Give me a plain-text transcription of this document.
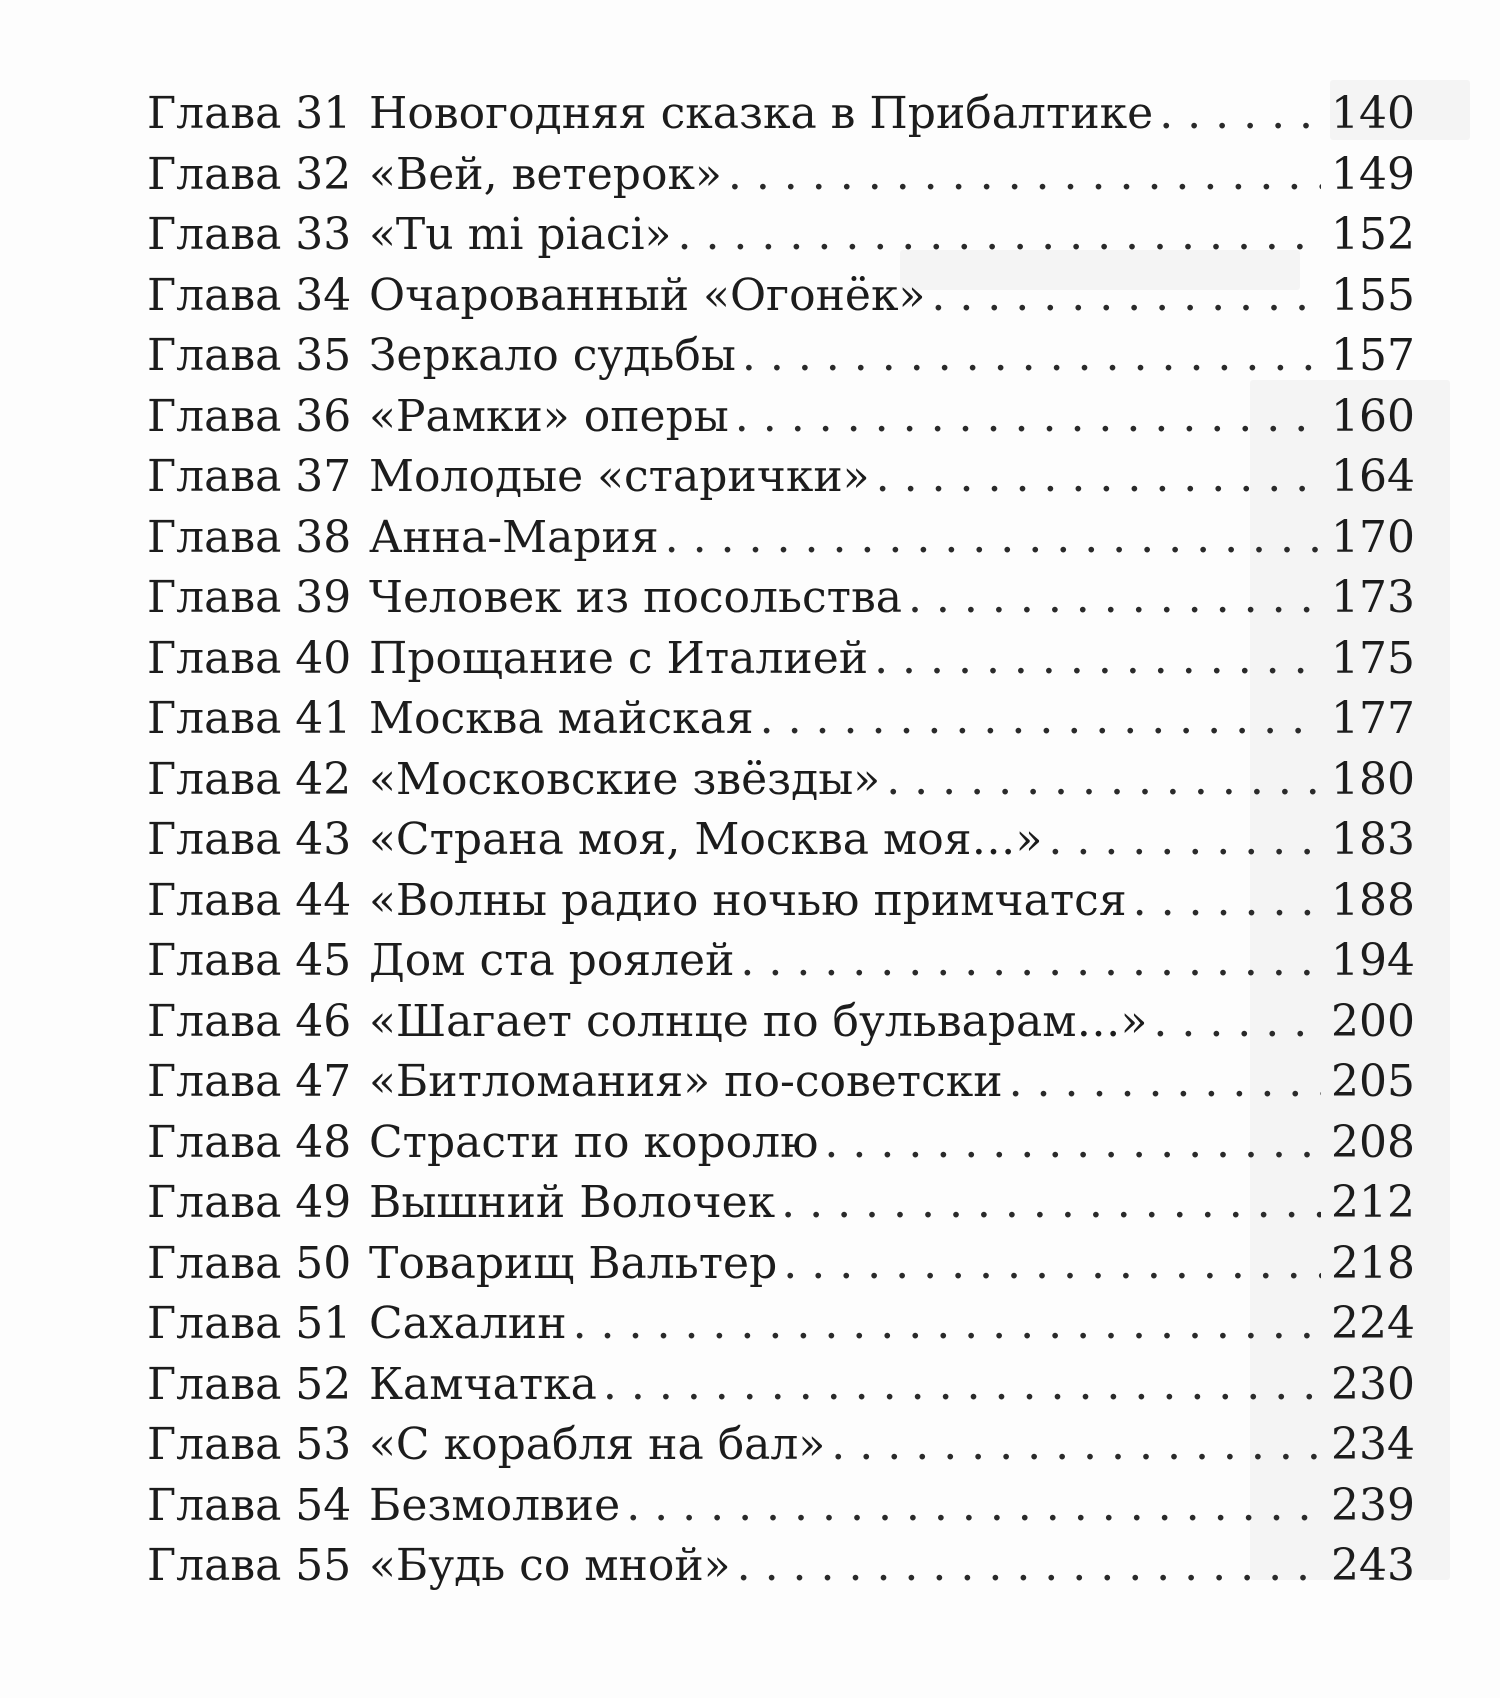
Глава 31 Новогодняя сказка в Прибалтике . . .	140
Глава 32 «Вей, ветерок» . . .	149
Глава 33 «Tu mi piaci» . . .	152
Глава 34 Очарованный «Огонёк» . . .	155
Глава 35 Зеркало судьбы . . .	157
Глава 36 «Рамки» оперы . . .	160
Глава 37 Молодые «старички» . . .	164
Глава 38 Анна-Мария . . .	170
Глава 39 Человек из посольства . . .	173
Глава 40 Прощание с Италией . . .	175
Глава 41 Москва майская . . .	177
Глава 42 «Московские звёзды» . . .	180
Глава 43 «Страна моя, Москва моя…» . . .	183
Глава 44 «Волны радио ночью примчатся . . .	188
Глава 45 Дом ста роялей . . .	194
Глава 46 «Шагает солнце по бульварам…» . . .	200
Глава 47 «Битломания» по-советски . . .	205
Глава 48 Страсти по королю . . .	208
Глава 49 Вышний Волочек . . .	212
Глава 50 Товарищ Вальтер . . .	218
Глава 51 Сахалин . . .	224
Глава 52 Камчатка . . .	230
Глава 53 «С корабля на бал» . . .	234
Глава 54 Безмолвие . . .	239
Глава 55 «Будь со мной» . . .	243
